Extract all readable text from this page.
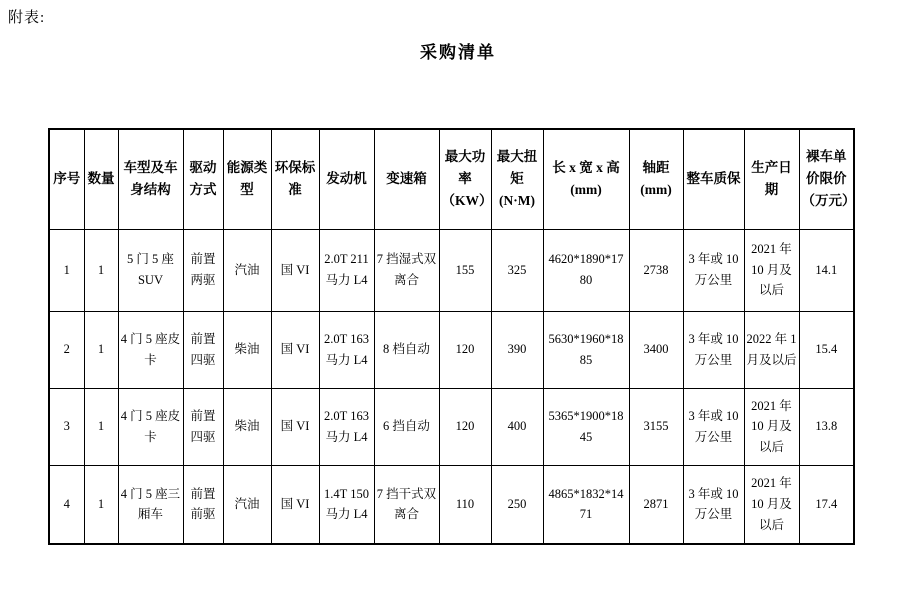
附表:
采购清单
序号	数量	车型及车身结构	驱动方式	能源类型	环保标准	发动机	变速箱	最大功率（KW）	最大扭矩(N·M)	长 x 宽 x 高(mm)	轴距(mm)	整车质保	生产日期	裸车单价限价（万元）
1	1	5 门 5 座 SUV	前置两驱	汽油	国 VI	2.0T 211 马力 L4	7 挡湿式双离合	155	325	4620*1890*1780	2738	3 年或 10 万公里	2021 年 10 月及以后	14.1
2	1	4 门 5 座皮卡	前置四驱	柴油	国 VI	2.0T 163 马力 L4	8 档自动	120	390	5630*1960*1885	3400	3 年或 10 万公里	2022 年 1 月及以后	15.4
3	1	4 门 5 座皮卡	前置四驱	柴油	国 VI	2.0T 163 马力 L4	6 挡自动	120	400	5365*1900*1845	3155	3 年或 10 万公里	2021 年 10 月及以后	13.8
4	1	4 门 5 座三厢车	前置前驱	汽油	国 VI	1.4T 150 马力 L4	7 挡干式双离合	110	250	4865*1832*1471	2871	3 年或 10 万公里	2021 年 10 月及以后	17.4
